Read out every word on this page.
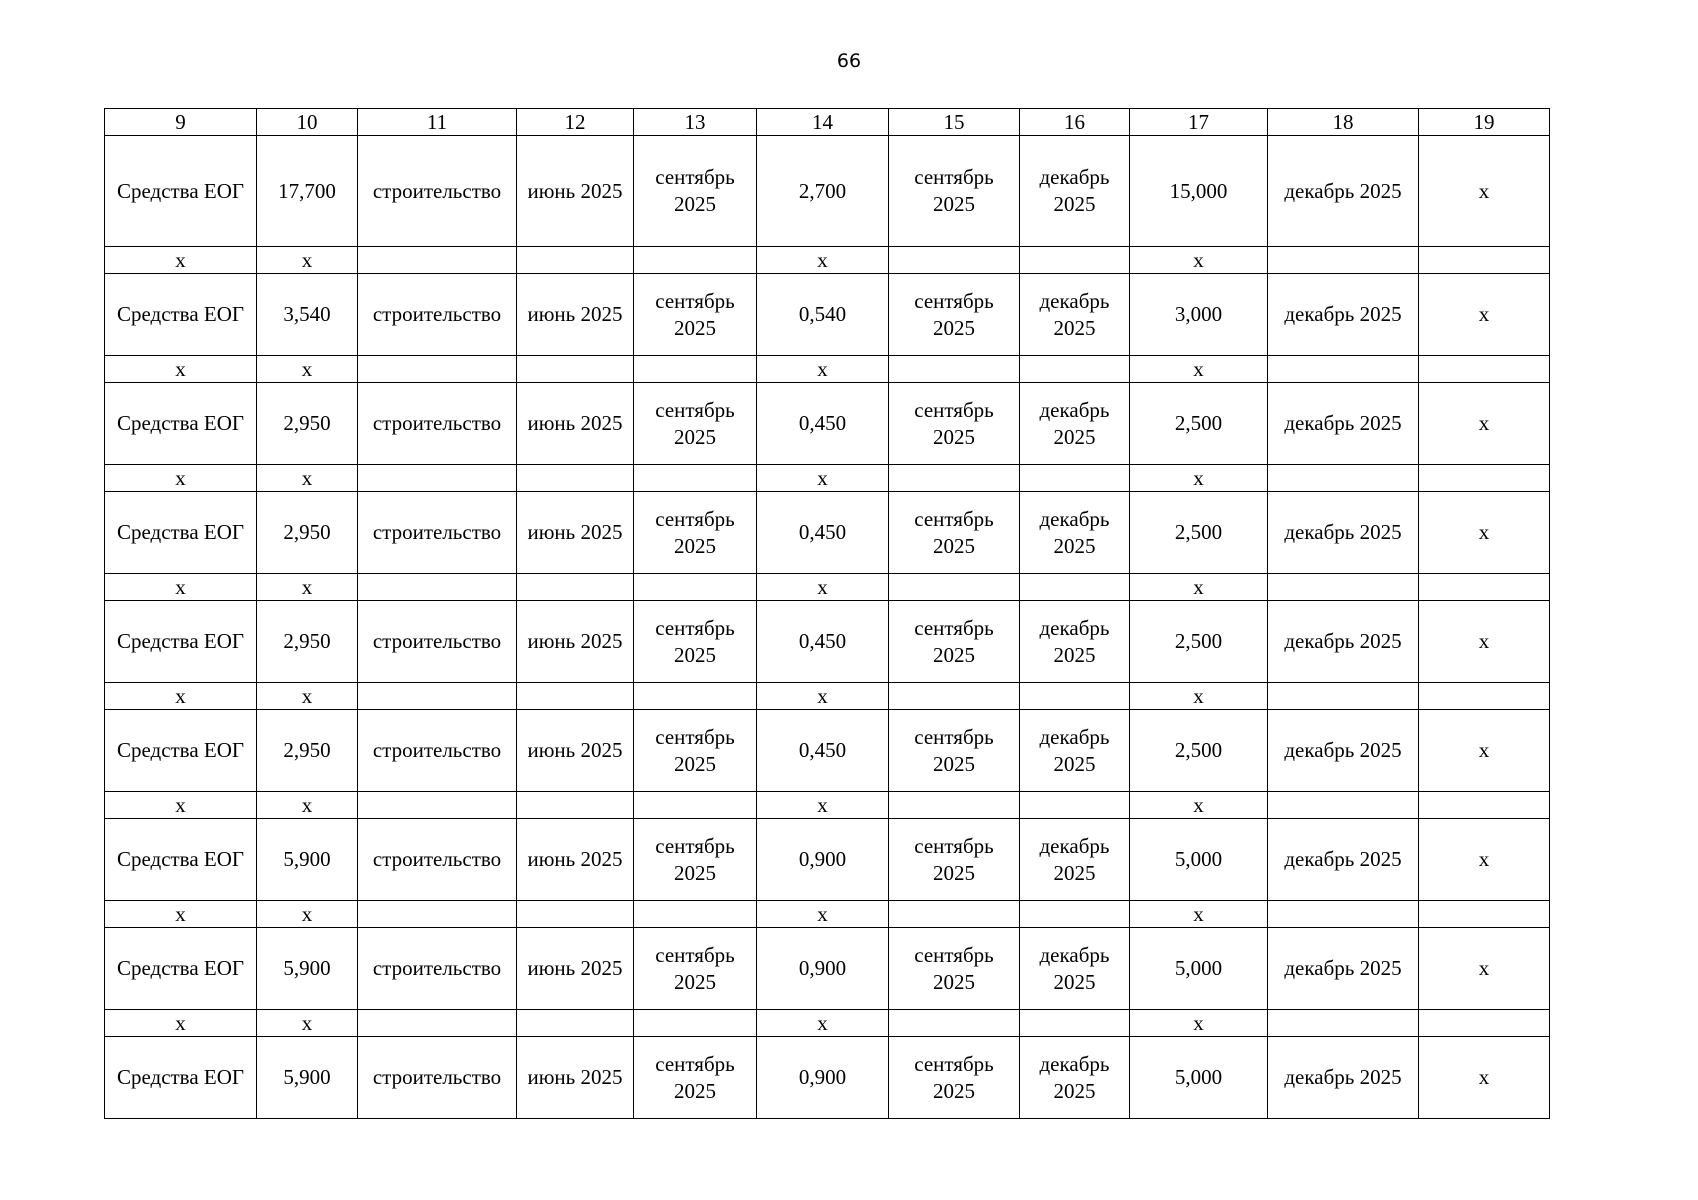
66
9	10	11	12	13	14	15	16	17	18	19
Средства ЕОГ	17,700	строительство	июнь 2025	сентябрь 2025	2,700	сентябрь 2025	декабрь 2025	15,000	декабрь 2025	х
х	х				х			х		
Средства ЕОГ	3,540	строительство	июнь 2025	сентябрь 2025	0,540	сентябрь 2025	декабрь 2025	3,000	декабрь 2025	х
х	х				х			х		
Средства ЕОГ	2,950	строительство	июнь 2025	сентябрь 2025	0,450	сентябрь 2025	декабрь 2025	2,500	декабрь 2025	х
х	х				х			х		
Средства ЕОГ	2,950	строительство	июнь 2025	сентябрь 2025	0,450	сентябрь 2025	декабрь 2025	2,500	декабрь 2025	х
х	х				х			х		
Средства ЕОГ	2,950	строительство	июнь 2025	сентябрь 2025	0,450	сентябрь 2025	декабрь 2025	2,500	декабрь 2025	х
х	х				х			х		
Средства ЕОГ	2,950	строительство	июнь 2025	сентябрь 2025	0,450	сентябрь 2025	декабрь 2025	2,500	декабрь 2025	х
х	х				х			х		
Средства ЕОГ	5,900	строительство	июнь 2025	сентябрь 2025	0,900	сентябрь 2025	декабрь 2025	5,000	декабрь 2025	х
х	х				х			х		
Средства ЕОГ	5,900	строительство	июнь 2025	сентябрь 2025	0,900	сентябрь 2025	декабрь 2025	5,000	декабрь 2025	х
х	х				х			х		
Средства ЕОГ	5,900	строительство	июнь 2025	сентябрь 2025	0,900	сентябрь 2025	декабрь 2025	5,000	декабрь 2025	х
